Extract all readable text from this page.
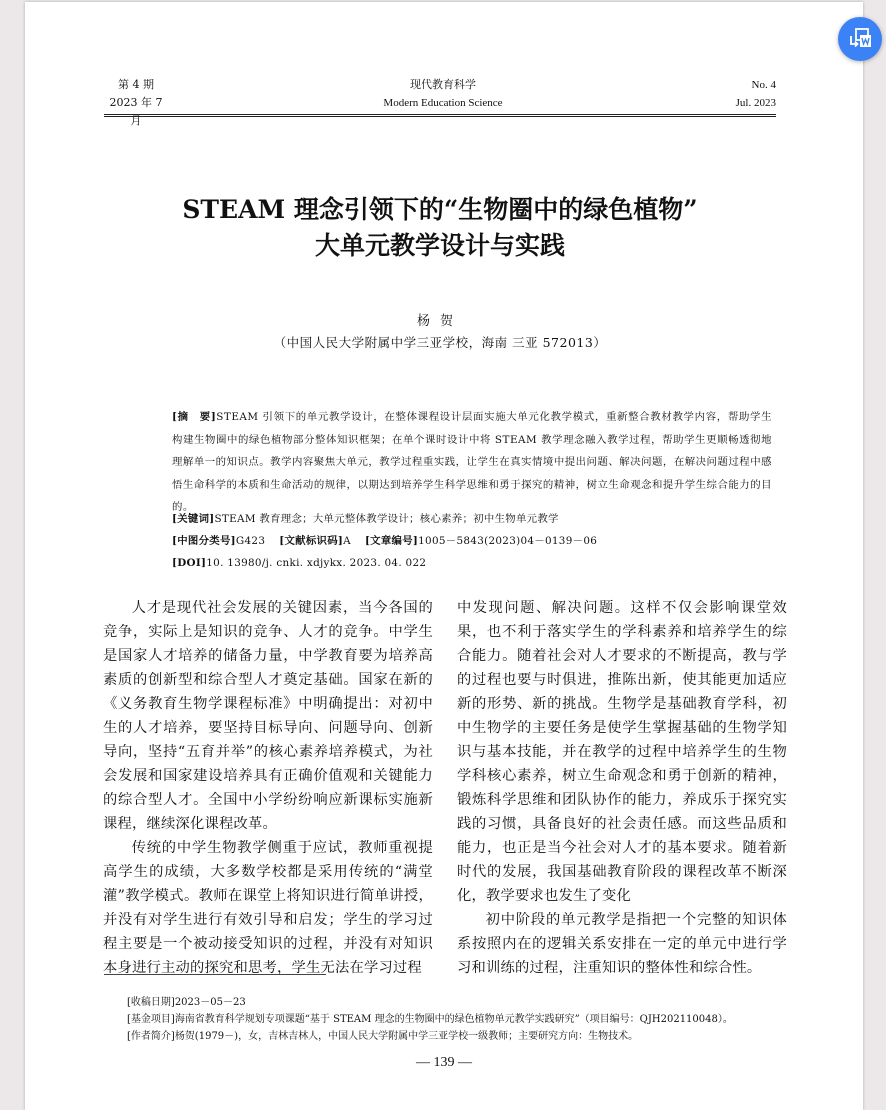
第 4 期
2023 年 7 月
现代教育科学
Modern Education Science
No. 4
Jul. 2023
STEAM 理念引领下的“生物圈中的绿色植物”
大单元教学设计与实践
杨贺
（中国人民大学附属中学三亚学校，海南 三亚 572013）
[摘　要]STEAM 引领下的单元教学设计，在整体课程设计层面实施大单元化教学模式，重新整合教材教学内容，帮助学生构建生物圈中的绿色植物部分整体知识框架；在单个课时设计中将 STEAM 教学理念融入教学过程，帮助学生更顺畅透彻地理解单一的知识点。教学内容聚焦大单元，教学过程重实践，让学生在真实情境中提出问题、解决问题，在解决问题过程中感悟生命科学的本质和生命活动的规律，以期达到培养学生科学思维和勇于探究的精神，树立生命观念和提升学生综合能力的目的。
[关键词]STEAM 教育理念；大单元整体教学设计；核心素养；初中生物单元教学
[中图分类号]G423 [文献标识码]A [文章编号]1005－5843(2023)04－0139－06
[DOI]10. 13980/j. cnki. xdjykx. 2023. 04. 022

人才是现代社会发展的关键因素，当今各国的竞争，实际上是知识的竞争、人才的竞争。中学生是国家人才培养的储备力量，中学教育要为培养高素质的创新型和综合型人才奠定基础。国家在新的《义务教育生物学课程标准》中明确提出：对初中生的人才培养，要坚持目标导向、问题导向、创新导向，坚持“五育并举”的核心素养培养模式，为社会发展和国家建设培养具有正确价值观和关键能力的综合型人才。全国中小学纷纷响应新课标实施新课程，继续深化课程改革。

传统的中学生物教学侧重于应试，教师重视提高学生的成绩，大多数学校都是采用传统的“满堂灌”教学模式。教师在课堂上将知识进行简单讲授，并没有对学生进行有效引导和启发；学生的学习过程主要是一个被动接受知识的过程，并没有对知识本身进行主动的探究和思考，学生无法在学习过程

中发现问题、解决问题。这样不仅会影响课堂效果，也不利于落实学生的学科素养和培养学生的综合能力。随着社会对人才要求的不断提高，教与学的过程也要与时俱进，推陈出新，使其能更加适应新的形势、新的挑战。生物学是基础教育学科，初中生物学的主要任务是使学生掌握基础的生物学知识与基本技能，并在教学的过程中培养学生的生物学科核心素养，树立生命观念和勇于创新的精神，锻炼科学思维和团队协作的能力，养成乐于探究实践的习惯，具备良好的社会责任感。而这些品质和能力，也正是当今社会对人才的基本要求。随着新时代的发展，我国基础教育阶段的课程改革不断深化，教学要求也发生了变化

初中阶段的单元教学是指把一个完整的知识体系按照内在的逻辑关系安排在一定的单元中进行学习和训练的过程，注重知识的整体性和综合性。

[收稿日期]2023－05－23
[基金项目]海南省教育科学规划专项课题“基于 STEAM 理念的生物圈中的绿色植物单元教学实践研究”（项目编号：QJH202110048）。
[作者简介]杨贺(1979－)，女，吉林吉林人，中国人民大学附属中学三亚学校一级教师；主要研究方向：生物技术。
— 139 —
